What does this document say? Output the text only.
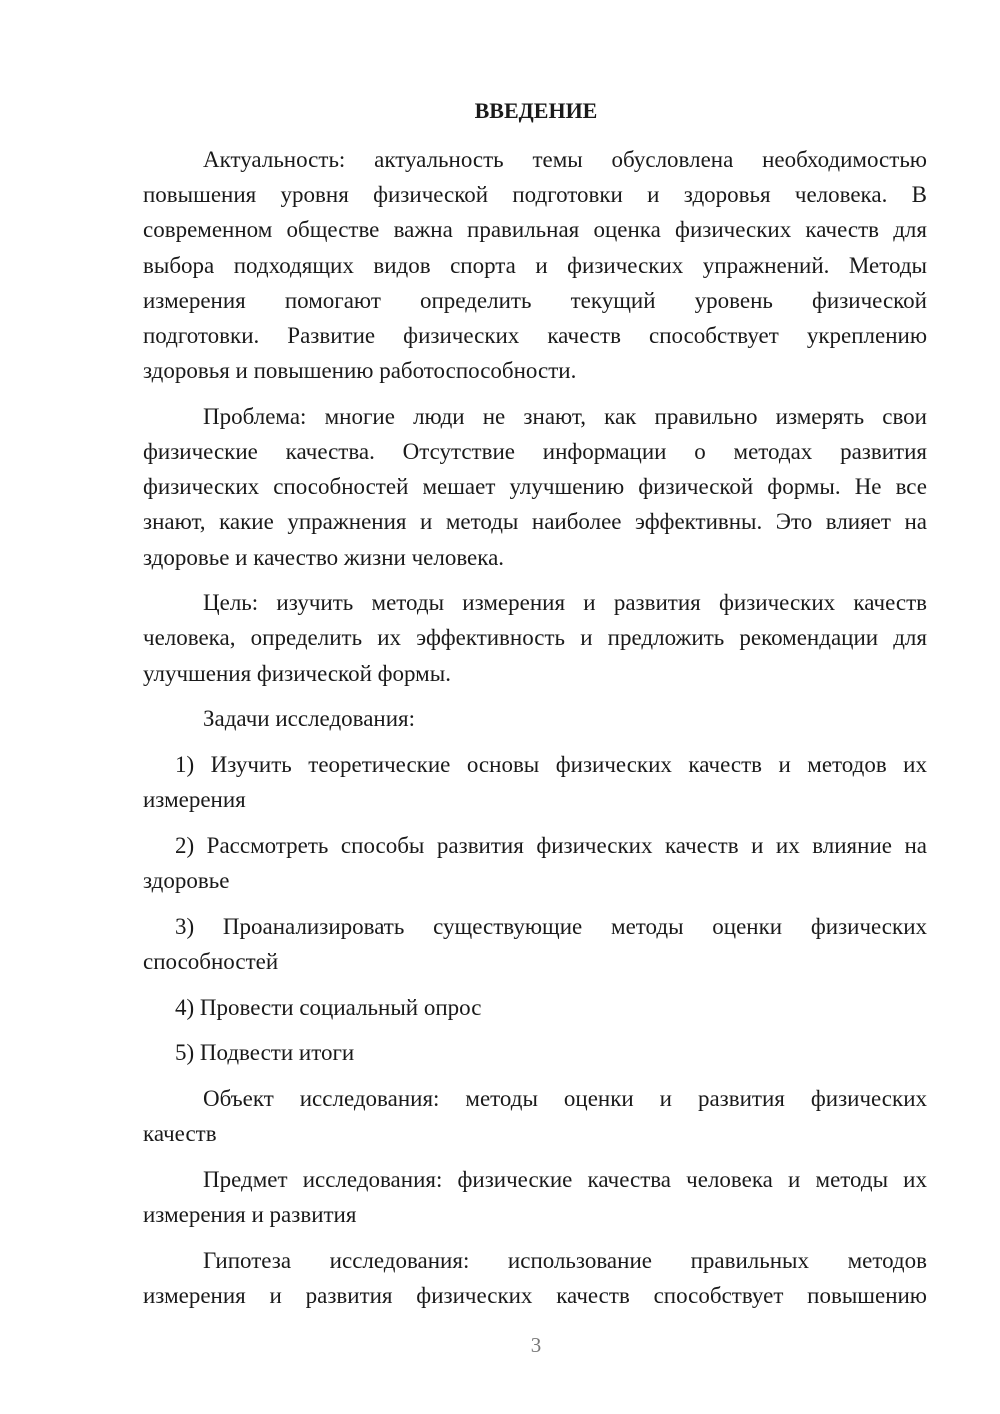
ВВЕДЕНИЕ
Актуальность: актуальность темы обусловлена необходимостью
повышения уровня физической подготовки и здоровья человека. В
современном обществе важна правильная оценка физических качеств для
выбора подходящих видов спорта и физических упражнений. Методы
измерения помогают определить текущий уровень физической
подготовки. Развитие физических качеств способствует укреплению
здоровья и повышению работоспособности.
Проблема: многие люди не знают, как правильно измерять свои
физические качества. Отсутствие информации о методах развития
физических способностей мешает улучшению физической формы. Не все
знают, какие упражнения и методы наиболее эффективны. Это влияет на
здоровье и качество жизни человека.
Цель: изучить методы измерения и развития физических качеств
человека, определить их эффективность и предложить рекомендации для
улучшения физической формы.
Задачи исследования:
1) Изучить теоретические основы физических качеств и методов их
измерения
2) Рассмотреть способы развития физических качеств и их влияние на
здоровье
3) Проанализировать существующие методы оценки физических
способностей
4) Провести социальный опрос
5) Подвести итоги
Объект исследования: методы оценки и развития физических
качеств
Предмет исследования: физические качества человека и методы их
измерения и развития
Гипотеза исследования: использование правильных методов
измерения и развития физических качеств способствует повышению
3
